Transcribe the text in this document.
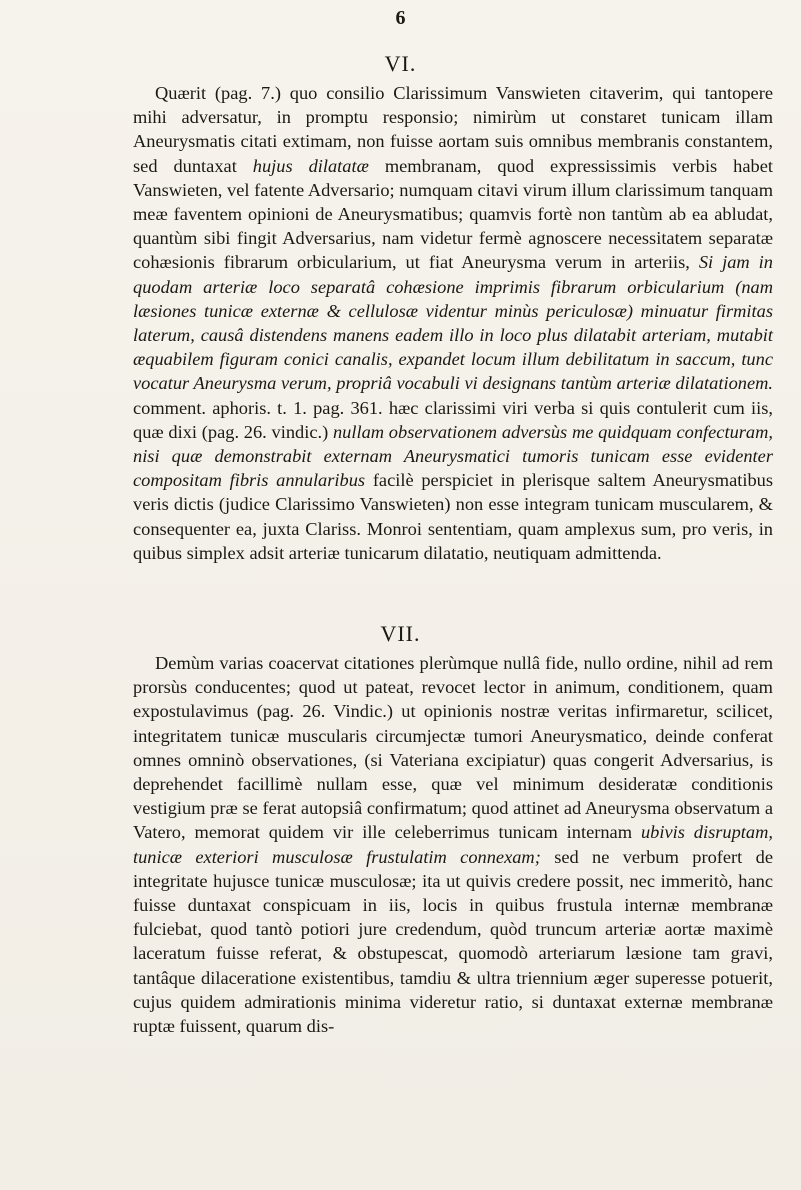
6
VI.

Quærit (pag. 7.) quo consilio Clarissimum Vanswieten citaverim, qui tantopere mihi adversatur, in promptu responsio; nimirùm ut constaret tunicam illam Aneurysmatis citati extimam, non fuisse aortam suis omnibus membranis constantem, sed duntaxat hujus dilatatæ membranam, quod expressissimis verbis habet Vanswieten, vel fatente Adversario; numquam citavi virum illum clarissimum tanquam meæ faventem opinioni de Aneurysmatibus; quamvis fortè non tantùm ab ea abludat, quantùm sibi fingit Adversarius, nam videtur fermè agnoscere necessitatem separatæ cohæsionis fibrarum orbicularium, ut fiat Aneurysma verum in arteriis, Si jam in quodam arteriæ loco separatâ cohæsione imprimis fibrarum orbicularium (nam læsiones tunicæ externæ & cellulosæ videntur minùs periculosæ) minuatur firmitas laterum, causâ distendens manens eadem illo in loco plus dilatabit arteriam, mutabit æquabilem figuram conici canalis, expandet locum illum debilitatum in saccum, tunc vocatur Aneurysma verum, propriâ vocabuli vi designans tantùm arteriæ dilatationem. comment. aphoris. t. 1. pag. 361. hæc clarissimi viri verba si quis contulerit cum iis, quæ dixi (pag. 26. vindic.) nullam observationem adversùs me quidquam confecturam, nisi quæ demonstrabit externam Aneurysmatici tumoris tunicam esse evidenter compositam fibris annularibus facilè perspiciet in plerisque saltem Aneurysmatibus veris dictis (judice Clarissimo Vanswieten) non esse integram tunicam muscularem, & consequenter ea, juxta Clariss. Monroi sententiam, quam amplexus sum, pro veris, in quibus simplex adsit arteriæ tunicarum dilatatio, neutiquam admittenda.

VII.

Demùm varias coacervat citationes plerùmque nullâ fide, nullo ordine, nihil ad rem prorsùs conducentes; quod ut pateat, revocet lector in animum, conditionem, quam expostulavimus (pag. 26. Vindic.) ut opinionis nostræ veritas infirmaretur, scilicet, integritatem tunicæ muscularis circumjectæ tumori Aneurysmatico, deinde conferat omnes omninò observationes, (si Vateriana excipiatur) quas congerit Adversarius, is deprehendet facillimè nullam esse, quæ vel minimum desideratæ conditionis vestigium præ se ferat autopsiâ confirmatum; quod attinet ad Aneurysma observatum a Vatero, memorat quidem vir ille celeberrimus tunicam internam ubivis disruptam, tunicæ exteriori musculosæ frustulatim connexam; sed ne verbum profert de integritate hujusce tunicæ musculosæ; ita ut quivis credere possit, nec immeritò, hanc fuisse duntaxat conspicuam in iis, locis in quibus frustula internæ membranæ fulciebat, quod tantò potiori jure credendum, quòd truncum arteriæ aortæ maximè laceratum fuisse referat, & obstupescat, quomodò arteriarum læsione tam gravi, tantâque dilaceratione existentibus, tamdiu & ultra triennium æger superesse potuerit, cujus quidem admirationis minima videretur ratio, si duntaxat externæ membranæ ruptæ fuissent, quarum dis-
